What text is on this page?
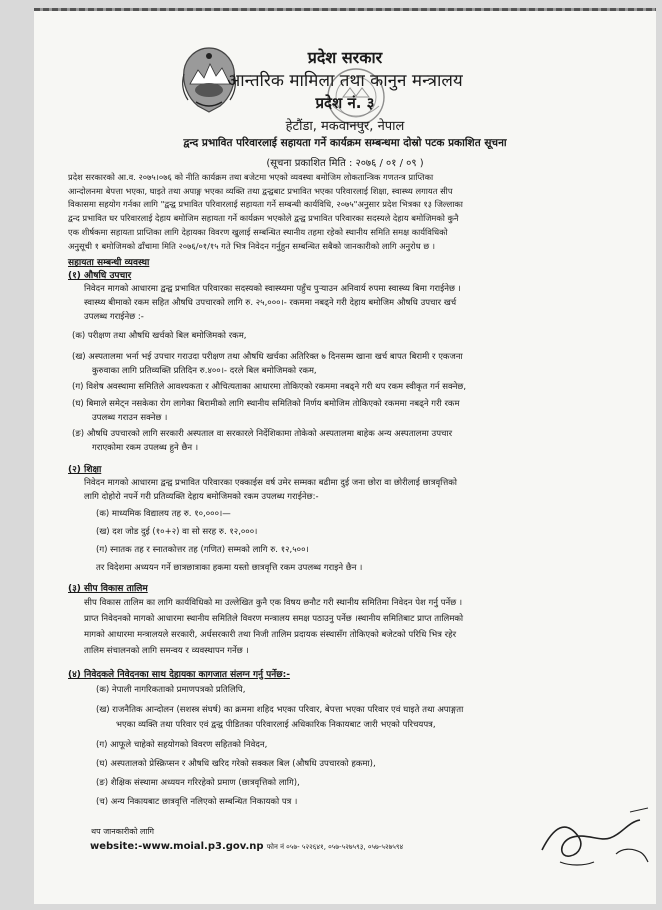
प्रदेश सरकार
आन्तरिक मामिला तथा कानुन मन्त्रालय
प्रदेश नं. ३
हेटौंडा, मकवानपुर, नेपाल
द्वन्द प्रभावित परिवारलाई सहायता गर्ने कार्यक्रम सम्बन्धमा दोस्रो पटक प्रकाशित सूचना
(सूचना प्रकाशित मिति : २०७६ / ०१ / ०९ )
प्रदेश सरकारको आ.व. २०७५।०७६ को नीति कार्यक्रम तथा बजेटमा भएको व्यवस्था बमोजिम लोकतान्त्रिक गणतन्त्र प्राप्तिका
आन्दोलनमा बेपत्ता भएका, घाइते तथा अपाङ्ग भएका व्यक्ति तथा द्वन्द्वबाट प्रभावित भएका परिवारलाई शिक्षा, स्वास्थ्य लगायत सीप
विकासमा सहयोग गर्नका लागि "द्वन्द्व प्रभावित परिवारलाई सहायता गर्ने सम्बन्धी कार्यविधि, २०७५"अनुसार प्रदेश भित्रका १३ जिल्लाका
द्वन्द प्रभावित घर परिवारलाई देहाय बमोजिम सहायता गर्ने कार्यक्रम भएकोले द्वन्द्व प्रभावित परिवारका सदस्यले देहाय बमोजिमको कुनै
एक शीर्षकमा सहायता प्राप्तिका लागि देहायका विवरण खुलाई सम्बन्धित स्थानीय तहमा रहेको स्थानीय समिति समक्ष कार्यविधिको
अनुसूची १ बमोजिमको ढाँचामा मिति २०७६/०१/१५ गते भित्र निवेदन गर्नुहुन सम्बन्धित सबैको जानकारीको लागि अनुरोध छ ।
सहायता सम्बन्धी व्यवस्था
(१) औषधि उपचार
निवेदन मागको आधारमा द्वन्द्व प्रभावित परिवारका सदस्यको स्वास्थ्यमा पहुँच पुऱ्याउन अनिवार्य रुपमा स्वास्थ्य बिमा गराईनेछ ।
स्वास्थ्य बीमाको रकम सहित औषधि उपचारको लागि रु. २५,०००।- रकममा नबढ्ने गरी देहाय बमोजिम औषधि उपचार खर्च
उपलब्ध गराईनेछ :-
(क) परीक्षण तथा औषधि खर्चको बिल बमोजिमको रकम,
(ख) अस्पतालमा भर्ना भई उपचार गराउदा परीक्षण तथा औषधि खर्चका अतिरिक्त ७ दिनसम्म खाना खर्च बापत बिरामी र एकजना
कुरुवाका लागि प्रतिव्यक्ति प्रतिदिन रु.४००।- दरले बिल बमोजिमको रकम,
(ग) विशेष अवस्थामा समितिले आवश्यकता र औचित्यताका आधारमा तोकिएको रकममा नबढ्ने गरी थप रकम स्वीकृत गर्न सक्नेछ,
(घ) बिमाले समेट्न नसकेका रोग लागेका बिरामीको लागि स्थानीय समितिको निर्णय बमोजिम तोकिएको रकममा नबढ्ने गरी रकम
उपलब्ध गराउन सक्नेछ ।
(ङ) औषधि उपचारको लागि सरकारी अस्पताल वा सरकारले निर्देशिकामा तोकेको अस्पतालमा बाहेक अन्य अस्पतालमा उपचार
गराएकोमा रकम उपलब्ध हुने छैन ।
(२) शिक्षा
निवेदन मागको आधारमा द्वन्द्व प्रभावित परिवारका एक्काईस वर्ष उमेर सम्मका बढीमा दुई जना छोरा वा छोरीलाई छात्रवृत्तिको
लागि दोहोरो नपर्ने गरी प्रतिव्यक्ति देहाय बमोजिमको रकम उपलब्ध गराईनेछ:-
(क) माध्यमिक विद्यालय तह रु. १०,०००।—
(ख) दश जोड दुई (१०+२) वा सो सरह रु. १२,०००।
(ग) स्नातक तह र स्नातकोत्तर तह (गणित) सम्मको लागि रु. १२,५००।
तर विदेशमा अध्ययन गर्ने छात्रछात्राका हकमा यस्तो छात्रवृत्ति रकम उपलब्ध गराइने छैन ।
(३) सीप विकास तालिम
सीप विकास तालिम का लागि कार्यविधिको मा उल्लेखित कुनै एक विषय छनौट गरी स्थानीय समितिमा निवेदन पेश गर्नु पर्नेछ ।
प्राप्त निवेदनको मागको आधारमा स्थानीय समितिले विवरण मन्त्रालय समक्ष पठाउनु पर्नेछ ।स्थानीय समितिबाट प्राप्त तालिमको
मागको आधारमा मन्त्रालयले सरकारी, अर्धसरकारी तथा निजी तालिम प्रदायक संस्थासँग तोकिएको बजेटको परिधि भित्र रहेर
तालिम संचालनको लागि समन्वय र व्यवस्थापन गर्नेछ ।
(४) निवेदकले निवेदनका साथ देहायका कागजात संलग्न गर्नु पर्नेछ:-
(क) नेपाली नागरिकताको प्रमाणपत्रको प्रतिलिपि,
(ख) राजनैतिक आन्दोलन (सशस्त्र संघर्ष) का क्रममा शहिद भएका परिवार, बेपत्ता भएका परिवार एवं घाइते तथा अपाङ्गता
भएका व्यक्ति तथा परिवार एवं द्वन्द्व पीडितका परिवारलाई अधिकारिक निकायबाट जारी भएको परिचयपत्र,
(ग) आफूले चाहेको सहयोगको विवरण सहितको निवेदन,
(घ) अस्पतालको प्रेस्क्रिप्सन र औषधि खरिद गरेको सक्कल बिल (औषधि उपचारको हकमा),
(ङ) शैक्षिक संस्थामा अध्ययन गरिरहेको प्रमाण (छात्रवृत्तिको लागि),
(च) अन्य निकायबाट छात्रवृत्ति नलिएको सम्बन्धित निकायको पत्र ।
थप जानकारीको लागि
website:-www.moial.p3.gov.np फोन नं ०५७- ५२२६४१, ०५७-५२७५९३, ०५७-५२७५९४
